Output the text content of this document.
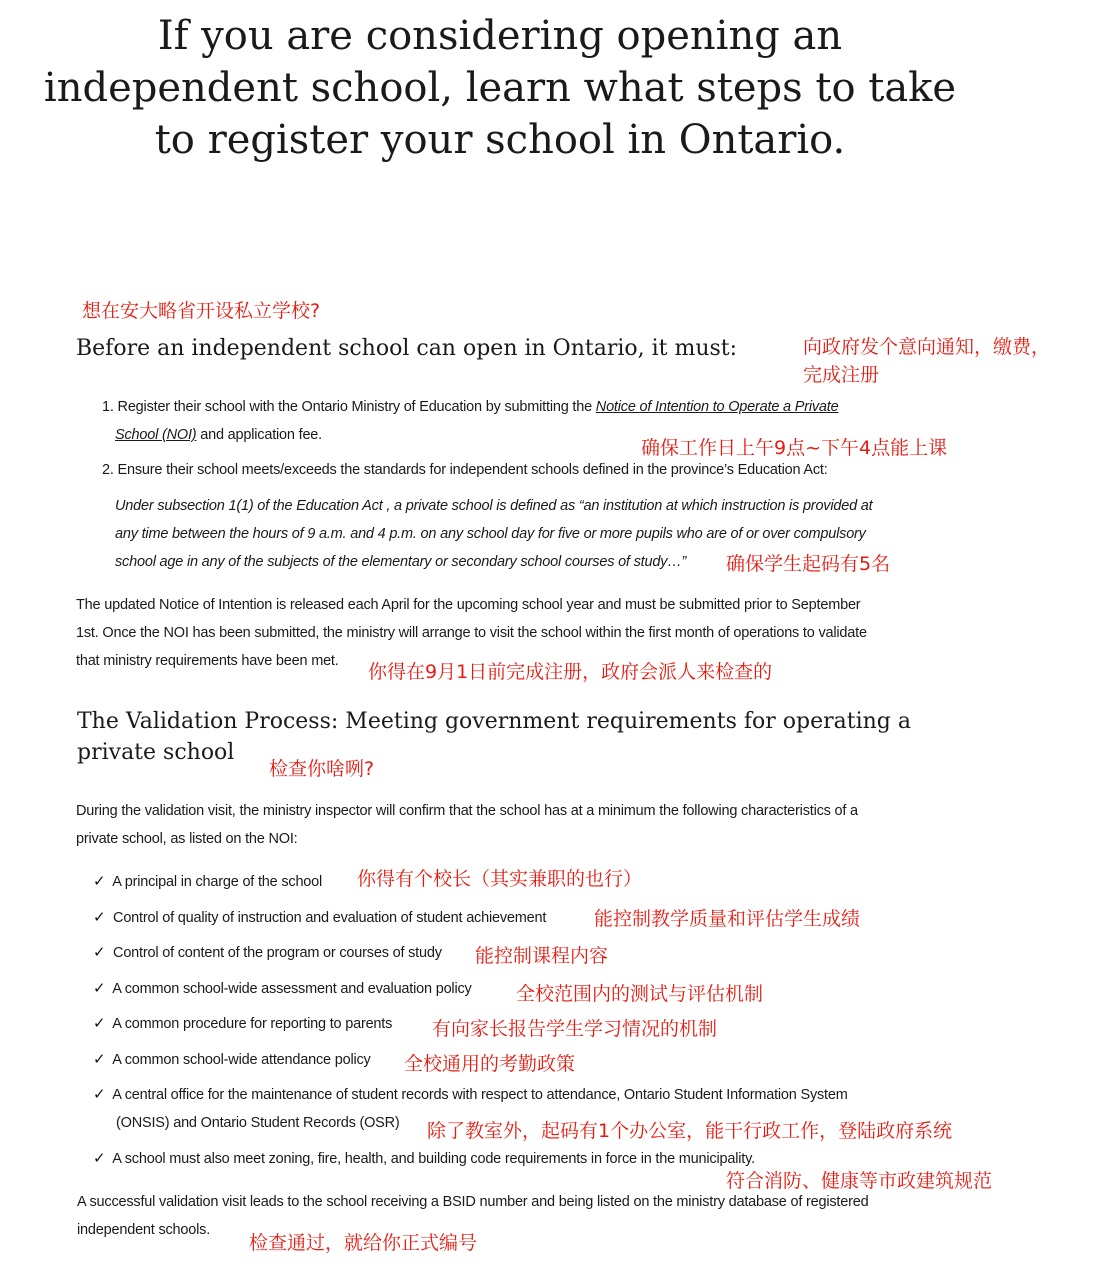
If you are considering opening an
independent school, learn what steps to take
to register your school in Ontario.
想在安大略省开设私立学校?
Before an independent school can open in Ontario, it must:	向政府发个意向通知，缴费，
完成注册
1. Register their school with the Ontario Ministry of Education by submitting the Notice of Intention to Operate a Private
School (NOI) and application fee.
确保工作日上午9点~下午4点能上课
2. Ensure their school meets/exceeds the standards for independent schools defined in the province’s Education Act:
Under subsection 1(1) of the Education Act , a private school is defined as “an institution at which instruction is provided at
any time between the hours of 9 a.m. and 4 p.m. on any school day for five or more pupils who are of or over compulsory
school age in any of the subjects of the elementary or secondary school courses of study…” 确保学生起码有5名
The updated Notice of Intention is released each April for the upcoming school year and must be submitted prior to September
1st. Once the NOI has been submitted, the ministry will arrange to visit the school within the first month of operations to validate
that ministry requirements have been met. 你得在9月1日前完成注册，政府会派人来检查的
The Validation Process: Meeting government requirements for operating a
private school
检查你啥咧?
During the validation visit, the ministry inspector will confirm that the school has at a minimum the following characteristics of a
private school, as listed on the NOI:
✓ A principal in charge of the school 你得有个校长（其实兼职的也行）
✓ Control of quality of instruction and evaluation of student achievement	能控制教学质量和评估学生成绩
✓ Control of content of the program or courses of study 能控制课程内容
✓ A common school-wide assessment and evaluation policy 全校范围内的测试与评估机制
✓ A common procedure for reporting to parents 有向家长报告学生学习情况的机制
✓ A common school-wide attendance policy 全校通用的考勤政策
✓ A central office for the maintenance of student records with respect to attendance, Ontario Student Information System
(ONSIS) and Ontario Student Records (OSR) 除了教室外，起码有1个办公室，能干行政工作，登陆政府系统
✓ A school must also meet zoning, fire, health, and building code requirements in force in the municipality.
符合消防、健康等市政建筑规范
A successful validation visit leads to the school receiving a BSID number and being listed on the ministry database of registered
independent schools.
检查通过，就给你正式编号
